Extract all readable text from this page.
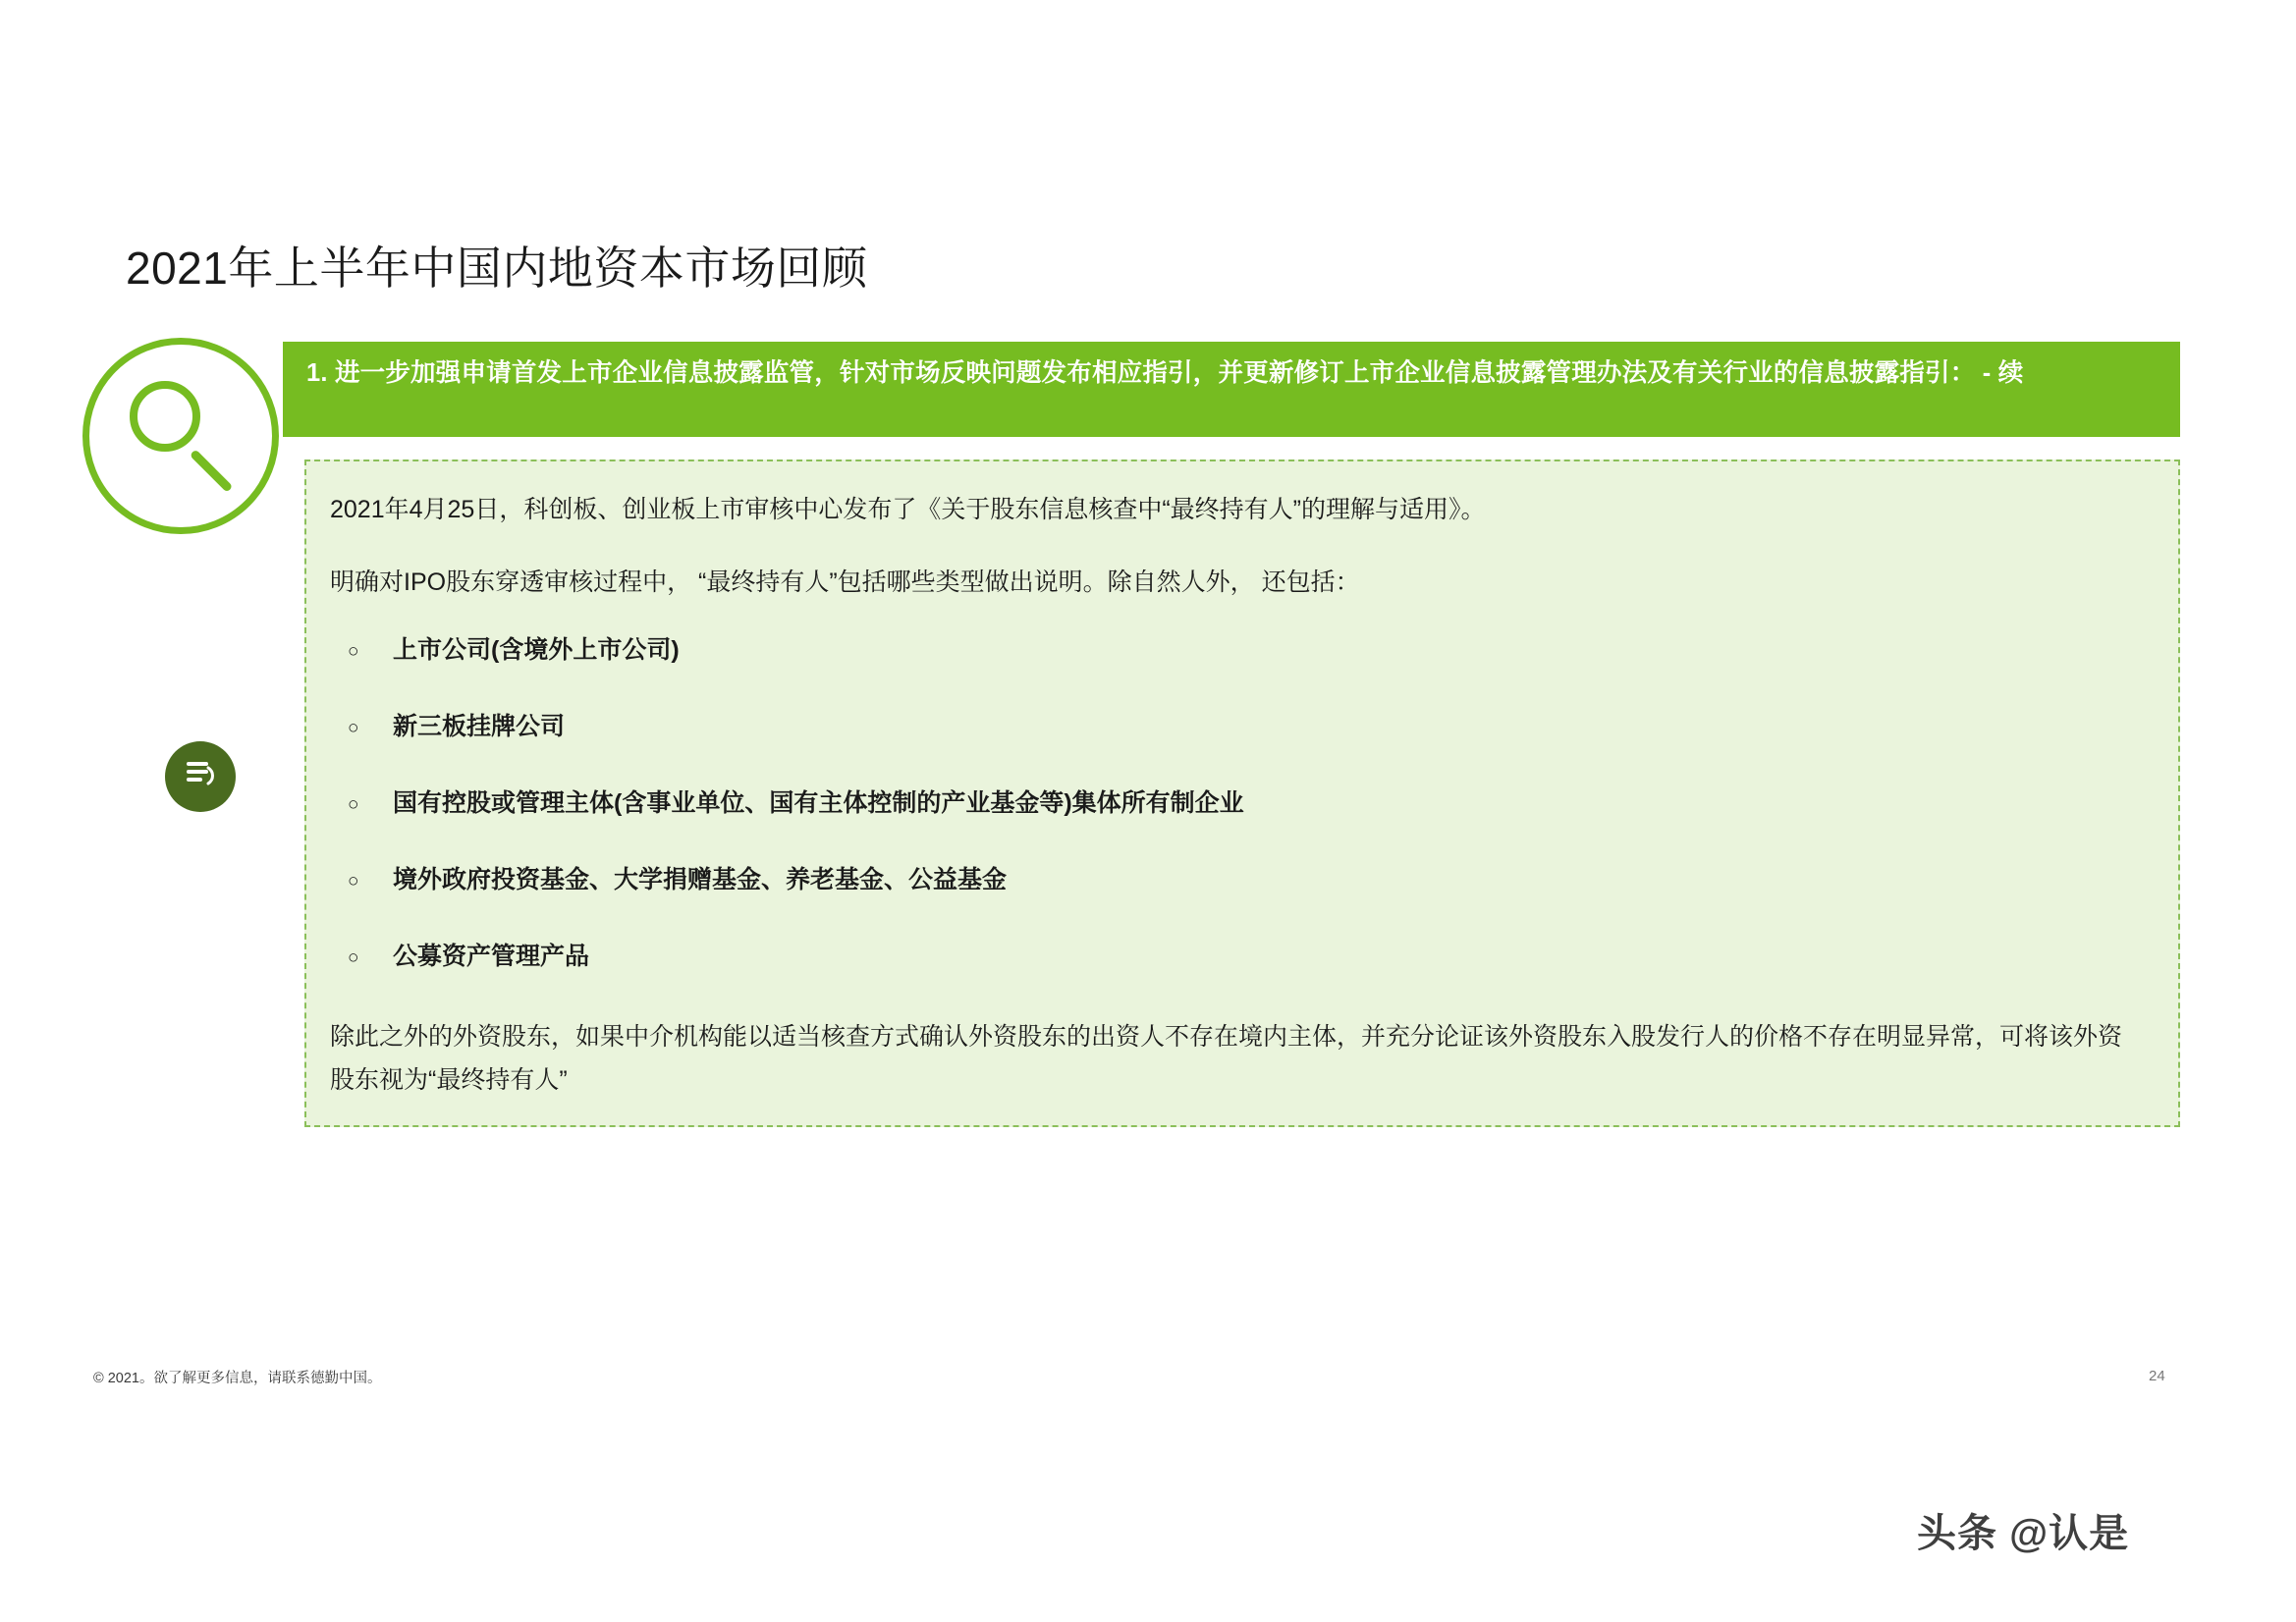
2021年上半年中国内地资本市场回顾
1. 进一步加强申请首发上市企业信息披露监管，针对市场反映问题发布相应指引，并更新修订上市企业信息披露管理办法及有关行业的信息披露指引： - 续

2021年4月25日，科创板、创业板上市审核中心发布了《关于股东信息核查中“最终持有人”的理解与适用》。

明确对IPO股东穿透审核过程中， “最终持有人”包括哪些类型做出说明。除自然人外， 还包括：

○ 上市公司(含境外上市公司)
○ 新三板挂牌公司
○ 国有控股或管理主体(含事业单位、国有主体控制的产业基金等)集体所有制企业
○ 境外政府投资基金、大学捐赠基金、养老基金、公益基金
○ 公募资产管理产品

除此之外的外资股东，如果中介机构能以适当核查方式确认外资股东的出资人不存在境内主体，并充分论证该外资股东入股发行人的价格不存在明显异常，可将该外资股东视为“最终持有人”

© 2021。欲了解更多信息，请联系德勤中国。	24
头条 @认是
